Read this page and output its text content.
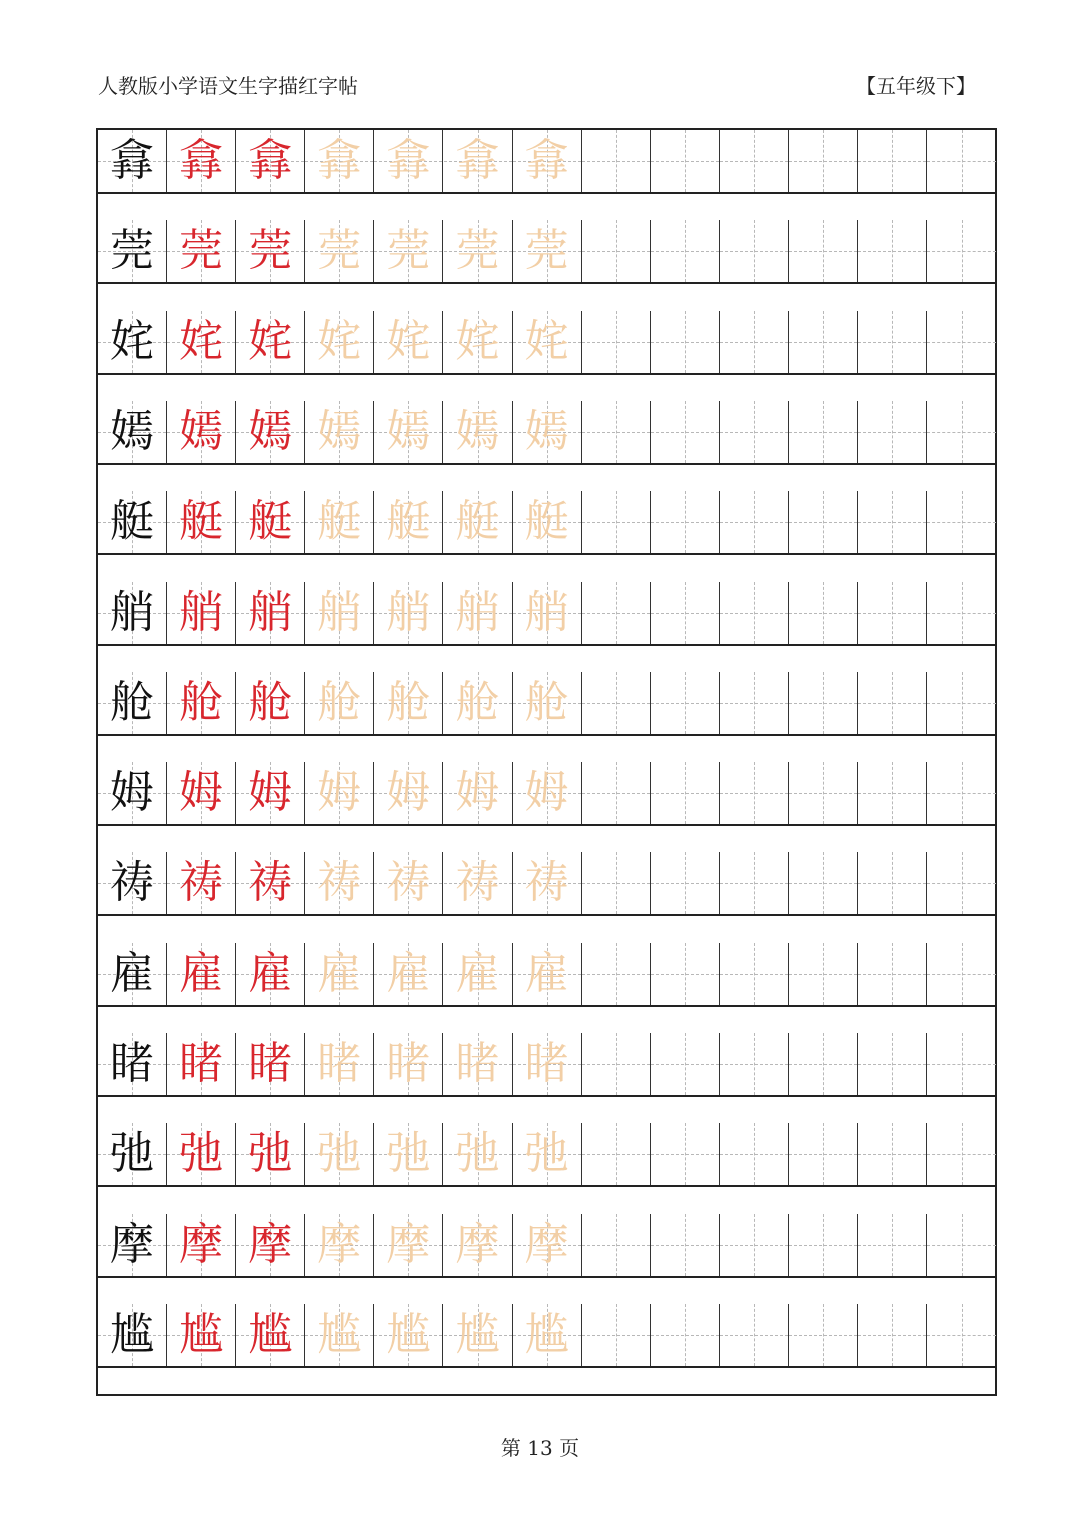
人教版小学语文生字描红字帖	【五年级下】
搻 搻 搻 搻 搻 搻 搻
莞 莞 莞 莞 莞 莞 莞
姹 姹 姹 姹 姹 姹 姹
嫣 嫣 嫣 嫣 嫣 嫣 嫣
艇 艇 艇 艇 艇 艇 艇
艄 艄 艄 艄 艄 艄 艄
舱 舱 舱 舱 舱 舱 舱
姆 姆 姆 姆 姆 姆 姆
祷 祷 祷 祷 祷 祷 祷
雇 雇 雇 雇 雇 雇 雇
睹 睹 睹 睹 睹 睹 睹
弛 弛 弛 弛 弛 弛 弛
摩 摩 摩 摩 摩 摩 摩
尴 尴 尴 尴 尴 尴 尴
第 13 页
